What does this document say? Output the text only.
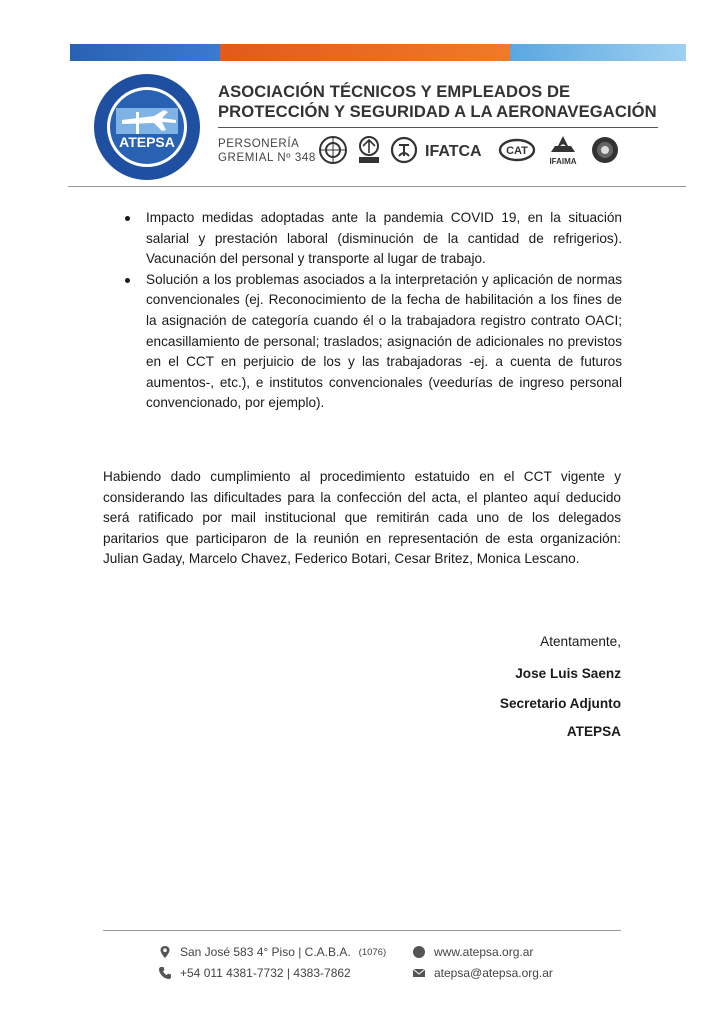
ATEPSA
ASOCIACIÓN TÉCNICOS Y EMPLEADOS DE
PROTECCIÓN Y SEGURIDAD A LA AERONAVEGACIÓN
PERSONERÍA
GREMIAL Nº 348	IFATCA CAT
IFAIMA
Impacto medidas adoptadas ante la pandemia COVID 19, en la situación salarial y prestación laboral (disminución de la cantidad de refrigerios). Vacunación del personal y transporte al lugar de trabajo.
Solución a los problemas asociados a la interpretación y aplicación de normas convencionales (ej. Reconocimiento de la fecha de habilitación a los fines de la asignación de categoría cuando él o la trabajadora registro contrato OACI; encasillamiento de personal; traslados; asignación de adicionales no previstos en el CCT en perjuicio de los y las trabajadoras -ej. a cuenta de futuros aumentos-, etc.), e institutos convencionales (veedurías de ingreso personal convencionado, por ejemplo).

Habiendo dado cumplimiento al procedimiento estatuido en el CCT vigente y considerando las dificultades para la confección del acta, el planteo aquí deducido será ratificado por mail institucional que remitirán cada uno de los delegados paritarios que participaron de la reunión en representación de esta organización: Julian Gaday, Marcelo Chavez, Federico Botari, Cesar Britez, Monica Lescano.

Atentamente,
Jose Luis Saenz
Secretario Adjunto
ATEPSA
San José 583 4° Piso | C.A.B.A. (1076)
+54 011 4381-7732 | 4383-7862
www.atepsa.org.ar
atepsa@atepsa.org.ar
